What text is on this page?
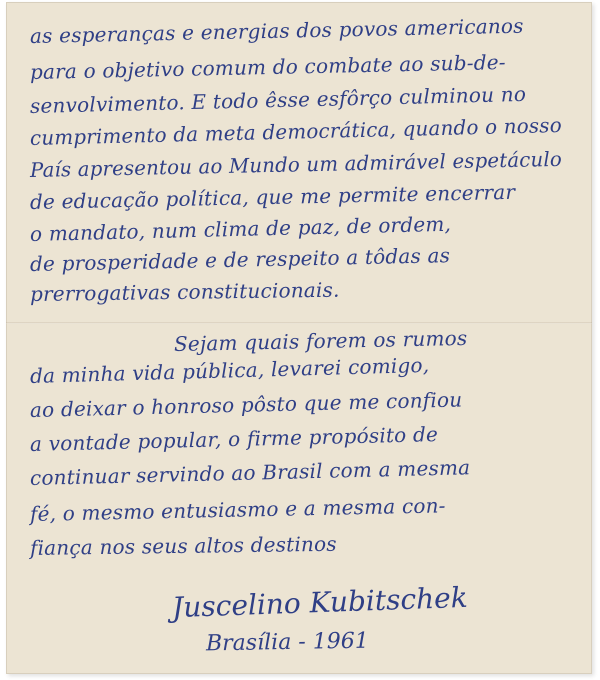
as esperanças e energias dos povos americanos
para o objetivo comum do combate ao sub-de-
senvolvimento. E todo êsse esfôrço culminou no
cumprimento da meta democrática, quando o nosso
País apresentou ao Mundo um admirável espetáculo
de educação política, que me permite encerrar
o mandato, num clima de paz, de ordem,
de prosperidade e de respeito a tôdas as
prerrogativas constitucionais.
Sejam quais forem os rumos
da minha vida pública, levarei comigo,
ao deixar o honroso pôsto que me confiou
a vontade popular, o firme propósito de
continuar servindo ao Brasil com a mesma
fé, o mesmo entusiasmo e a mesma con-
fiança nos seus altos destinos
Juscelino Kubitschek
Brasília - 1961
